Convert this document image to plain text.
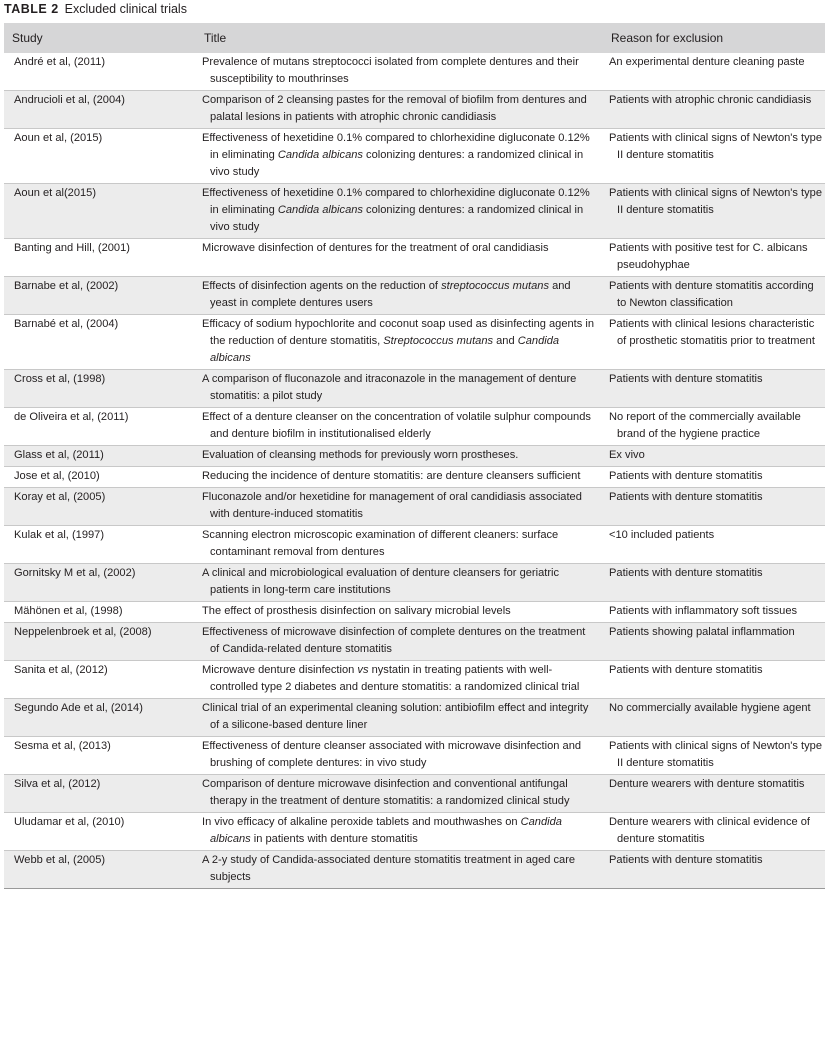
TABLE 2 Excluded clinical trials
Study	Title	Reason for exclusion
André et al, (2011)	Prevalence of mutans streptococci isolated from complete dentures and their susceptibility to mouthrinses	An experimental denture cleaning paste

Andrucioli et al, (2004)	Comparison of 2 cleansing pastes for the removal of biofilm from dentures and palatal lesions in patients with atrophic chronic candidiasis	Patients with atrophic chronic candidiasis

Aoun et al, (2015)	Effectiveness of hexetidine 0.1% compared to chlorhexidine digluconate 0.12% in eliminating Candida albicans colonizing dentures: a randomized clinical in vivo study	Patients with clinical signs of Newton's type II denture stomatitis

Aoun et al(2015)	Effectiveness of hexetidine 0.1% compared to chlorhexidine digluconate 0.12% in eliminating Candida albicans colonizing dentures: a randomized clinical in vivo study	Patients with clinical signs of Newton's type II denture stomatitis

Banting and Hill, (2001)	Microwave disinfection of dentures for the treatment of oral candidiasis	Patients with positive test for C. albicans pseudohyphae

Barnabe et al, (2002)	Effects of disinfection agents on the reduction of streptococcus mutans and yeast in complete dentures users	Patients with denture stomatitis according to Newton classification

Barnabé et al, (2004)	Efficacy of sodium hypochlorite and coconut soap used as disinfecting agents in the reduction of denture stomatitis, Streptococcus mutans and Candida albicans	Patients with clinical lesions characteristic of prosthetic stomatitis prior to treatment

Cross et al, (1998)	A comparison of fluconazole and itraconazole in the management of denture stomatitis: a pilot study	Patients with denture stomatitis

de Oliveira et al, (2011)	Effect of a denture cleanser on the concentration of volatile sulphur compounds and denture biofilm in institutionalised elderly	No report of the commercially available brand of the hygiene practice

Glass et al, (2011)	Evaluation of cleansing methods for previously worn prostheses.	Ex vivo

Jose et al, (2010)	Reducing the incidence of denture stomatitis: are denture cleansers sufficient	Patients with denture stomatitis

Koray et al, (2005)	Fluconazole and/or hexetidine for management of oral candidiasis associated with denture-induced stomatitis	Patients with denture stomatitis

Kulak et al, (1997)	Scanning electron microscopic examination of different cleaners: surface contaminant removal from dentures	<10 included patients

Gornitsky M et al, (2002)	A clinical and microbiological evaluation of denture cleansers for geriatric patients in long-term care institutions	Patients with denture stomatitis

Mähönen et al, (1998)	The effect of prosthesis disinfection on salivary microbial levels	Patients with inflammatory soft tissues

Neppelenbroek et al, (2008)	Effectiveness of microwave disinfection of complete dentures on the treatment of Candida-related denture stomatitis	Patients showing palatal inflammation

Sanita et al, (2012)	Microwave denture disinfection vs nystatin in treating patients with well-controlled type 2 diabetes and denture stomatitis: a randomized clinical trial	Patients with denture stomatitis

Segundo Ade et al, (2014)	Clinical trial of an experimental cleaning solution: antibiofilm effect and integrity of a silicone-based denture liner	No commercially available hygiene agent

Sesma et al, (2013)	Effectiveness of denture cleanser associated with microwave disinfection and brushing of complete dentures: in vivo study	Patients with clinical signs of Newton's type II denture stomatitis

Silva et al, (2012)	Comparison of denture microwave disinfection and conventional antifungal therapy in the treatment of denture stomatitis: a randomized clinical study	Denture wearers with denture stomatitis

Uludamar et al, (2010)	In vivo efficacy of alkaline peroxide tablets and mouthwashes on Candida albicans in patients with denture stomatitis	Denture wearers with clinical evidence of denture stomatitis

Webb et al, (2005)	A 2-y study of Candida-associated denture stomatitis treatment in aged care subjects	Patients with denture stomatitis
